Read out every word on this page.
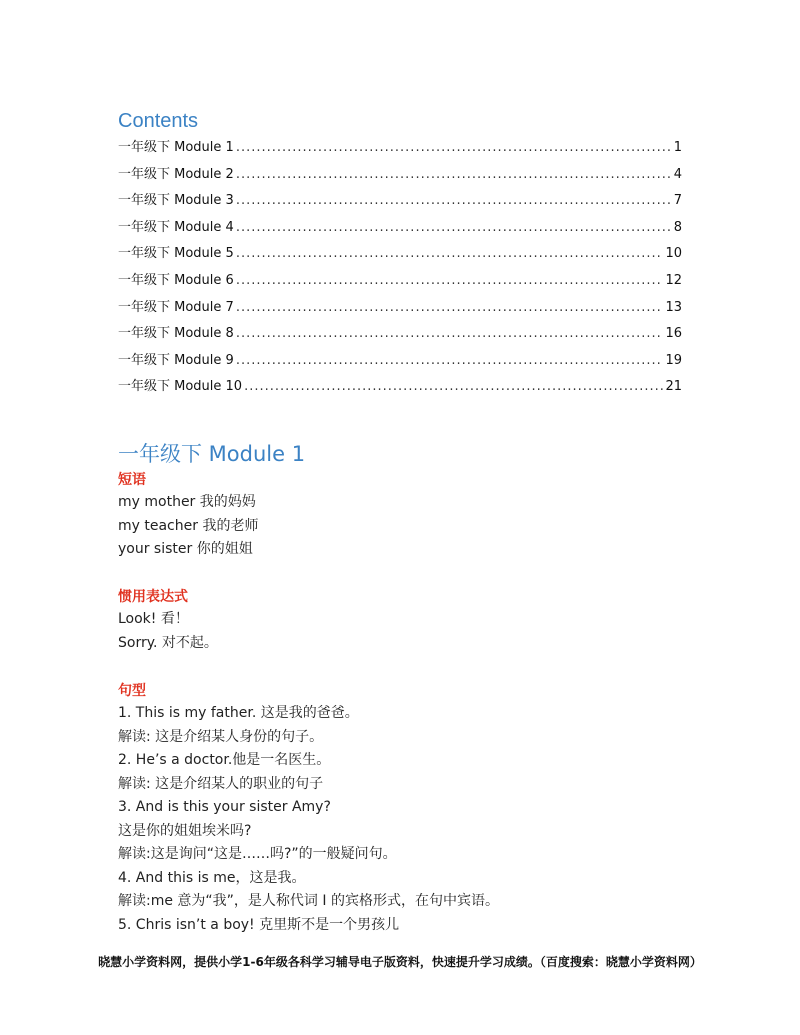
Contents
一年级下 Module 1 .....	1
一年级下 Module 2 .....	4
一年级下 Module 3 .....	7
一年级下 Module 4 .....	8
一年级下 Module 5 .....	10
一年级下 Module 6 .....	12
一年级下 Module 7 .....	13
一年级下 Module 8 .....	16
一年级下 Module 9 .....	19
一年级下 Module 10 .....	21
一年级下 Module 1
短语
my mother 我的妈妈
my teacher 我的老师
your sister 你的姐姐
惯用表达式
Look! 看！
Sorry. 对不起。
句型
1. This is my father. 这是我的爸爸。
解读: 这是介绍某人身份的句子。
2. He’s a doctor.他是一名医生。
解读: 这是介绍某人的职业的句子
3. And is this your sister Amy?
这是你的姐姐埃米吗?
解读:这是询问“这是……吗?”的一般疑问句。
4. And this is me，这是我。
解读:me 意为“我”，是人称代词 I 的宾格形式，在句中宾语。
5. Chris isn’t a boy! 克里斯不是一个男孩儿
晓慧小学资料网，提供小学1-6年级各科学习辅导电子版资料，快速提升学习成绩。（百度搜索：晓慧小学资料网）
